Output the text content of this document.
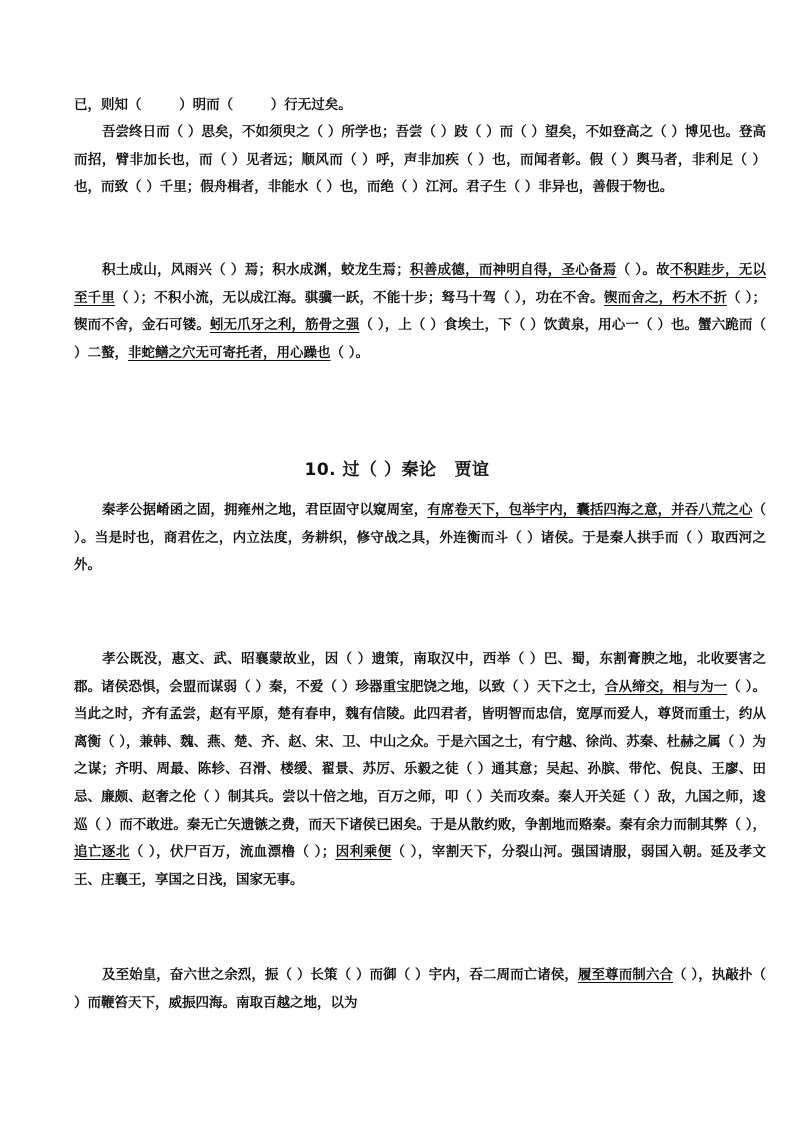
已，则知（	）明而（	）行无过矣。

吾尝终日而（ ）思矣，不如须臾之（ ）所学也；吾尝（ ）跂（ ）而（ ）望矣，不如登高之（ ）博见也。登高而招，臂非加长也，而（ ）见者远；顺风而（ ）呼，声非加疾（ ）也，而闻者彰。假（ ）舆马者，非利足（ ）也，而致（ ）千里；假舟楫者，非能水（ ）也，而绝（ ）江河。君子生（ ）非异也，善假于物也。

积土成山，风雨兴（ ）焉；积水成渊，蛟龙生焉；积善成德，而神明自得，圣心备焉（ ）。故不积跬步，无以至千里（ ）；不积小流，无以成江海。骐骥一跃，不能十步；驽马十驾（ ），功在不舍。锲而舍之，朽木不折（ ）；锲而不舍，金石可镂。蚓无爪牙之利，筋骨之强（ ），上（ ）食埃土，下（ ）饮黄泉，用心一（ ）也。蟹六跪而（ ）二螯，非蛇鳝之穴无可寄托者，用心躁也（ ）。

10. 过（ ）秦论 贾谊

秦孝公据崤函之固，拥雍州之地，君臣固守以窥周室，有席卷天下，包举宇内，囊括四海之意，并吞八荒之心（ ）。当是时也，商君佐之，内立法度，务耕织，修守战之具，外连衡而斗（ ）诸侯。于是秦人拱手而（ ）取西河之外。

孝公既没，惠文、武、昭襄蒙故业，因（ ）遗策，南取汉中，西举（ ）巴、蜀，东割膏腴之地，北收要害之郡。诸侯恐惧，会盟而谋弱（ ）秦，不爱（ ）珍器重宝肥饶之地，以致（ ）天下之士，合从缔交，相与为一（ ）。当此之时，齐有孟尝，赵有平原，楚有春申，魏有信陵。此四君者，皆明智而忠信，宽厚而爱人，尊贤而重士，约从离衡（ ），兼韩、魏、燕、楚、齐、赵、宋、卫、中山之众。于是六国之士，有宁越、徐尚、苏秦、杜赫之属（ ）为之谋；齐明、周最、陈轸、召滑、楼缓、翟景、苏厉、乐毅之徒（ ）通其意；吴起、孙膑、带佗、倪良、王廖、田忌、廉颇、赵奢之伦（ ）制其兵。尝以十倍之地，百万之师，叩（ ）关而攻秦。秦人开关延（ ）敌，九国之师，逡巡（ ）而不敢进。秦无亡矢遗镞之费，而天下诸侯已困矣。于是从散约败，争割地而赂秦。秦有余力而制其弊（ ），追亡逐北（ ），伏尸百万，流血漂橹（ ）；因利乘便（ ），宰割天下，分裂山河。强国请服，弱国入朝。延及孝文王、庄襄王，享国之日浅，国家无事。

及至始皇，奋六世之余烈，振（ ）长策（ ）而御（ ）宇内，吞二周而亡诸侯，履至尊而制六合（ ），执敲扑（ ）而鞭笞天下，威振四海。南取百越之地，以为
